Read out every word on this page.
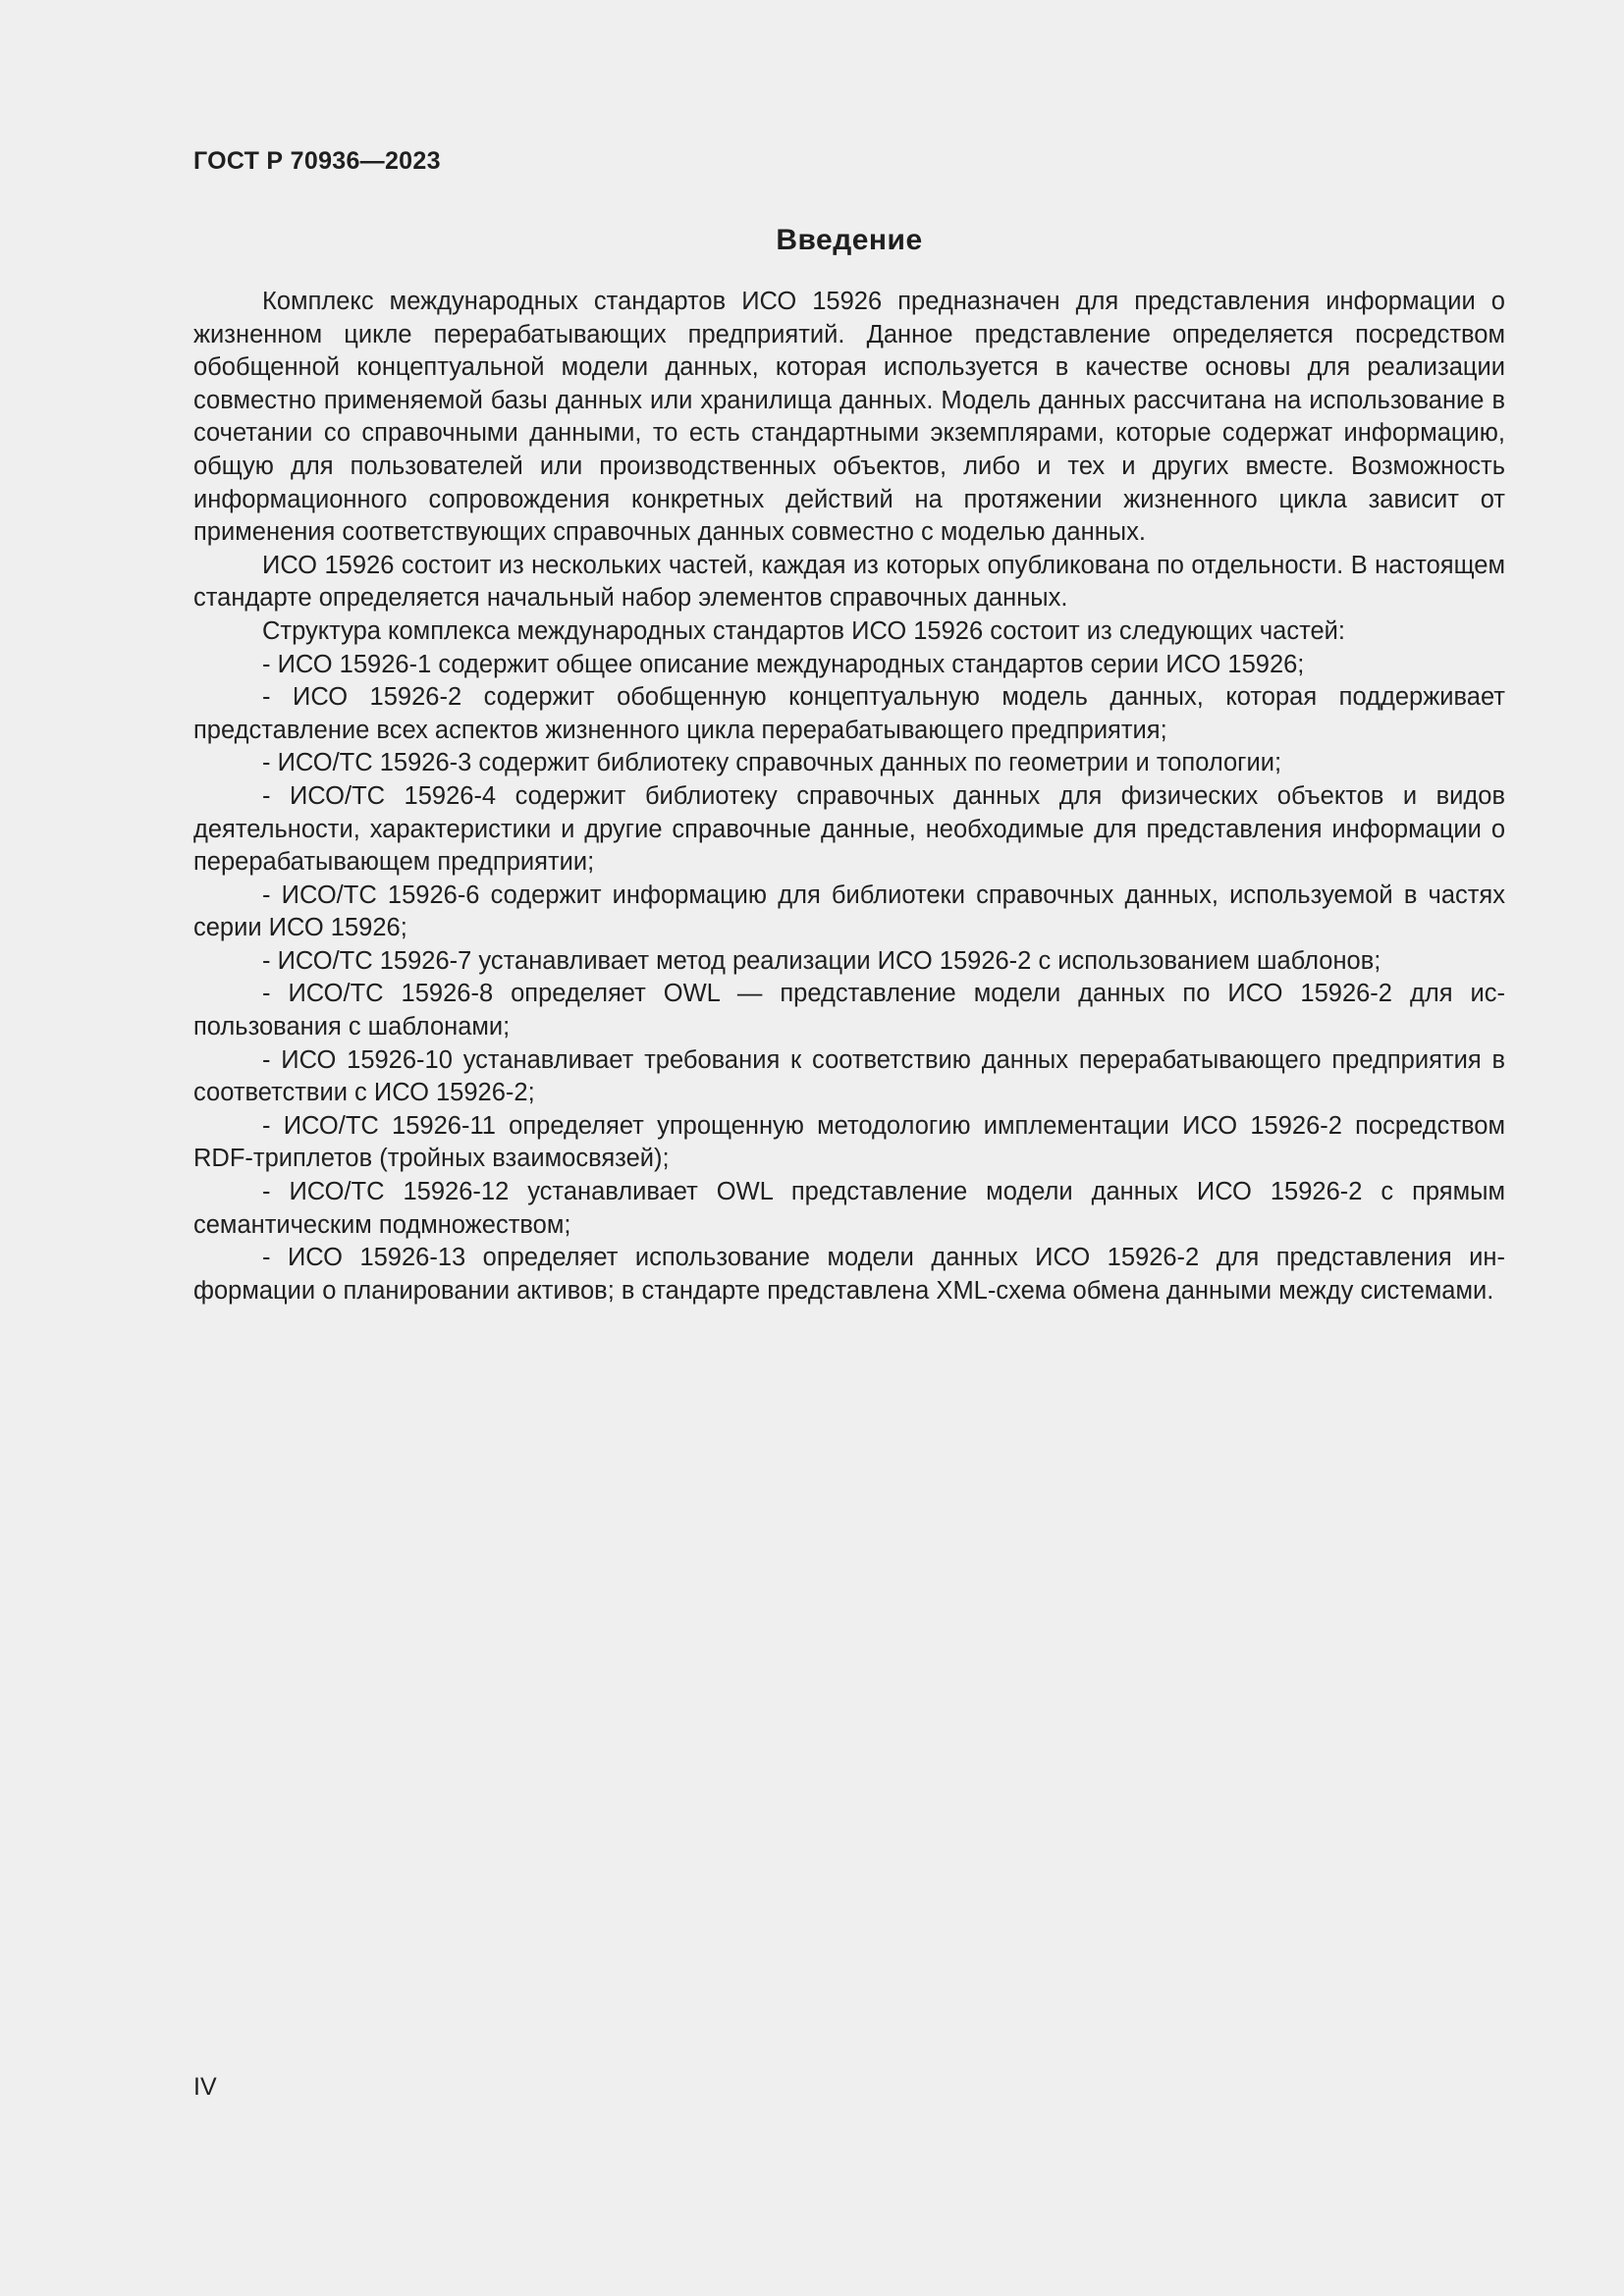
ГОСТ Р 70936—2023
Введение

Комплекс международных стандартов ИСО 15926 предназначен для представления информации о жизненном цикле перерабатывающих предприятий. Данное представление определяется посредством обобщенной концептуальной модели данных, которая используется в качестве основы для реализации совместно применяемой базы данных или хранилища данных. Модель данных рассчитана на использование в сочетании со справочными данными, то есть стандартными экземплярами, которые содержат информацию, общую для пользователей или производственных объектов, либо и тех и других вместе. Возможность информационного сопровождения конкретных действий на протяжении жизненного цикла зависит от применения соответствующих справочных данных совместно с моделью данных.

ИСО 15926 состоит из нескольких частей, каждая из которых опубликована по отдельности. В настоящем стандарте определяется начальный набор элементов справочных данных.

Структура комплекса международных стандартов ИСО 15926 состоит из следующих частей:

- ИСО 15926-1 содержит общее описание международных стандартов серии ИСО 15926;

- ИСО 15926-2 содержит обобщенную концептуальную модель данных, которая поддерживает представление всех аспектов жизненного цикла перерабатывающего предприятия;

- ИСО/ТС 15926-3 содержит библиотеку справочных данных по геометрии и топологии;

- ИСО/ТС 15926-4 содержит библиотеку справочных данных для физических объектов и видов деятельности, характеристики и другие справочные данные, необходимые для представления информации о перерабатывающем предприятии;

- ИСО/ТС 15926-6 содержит информацию для библиотеки справочных данных, используемой в частях серии ИСО 15926;

- ИСО/ТС 15926-7 устанавливает метод реализации ИСО 15926-2 с использованием шаблонов;

- ИСО/ТС 15926-8 определяет OWL — представление модели данных по ИСО 15926-2 для использования с шаблонами;

- ИСО 15926-10 устанавливает требования к соответствию данных перерабатывающего предприятия в соответствии с ИСО 15926-2;

- ИСО/ТС 15926-11 определяет упрощенную методологию имплементации ИСО 15926-2 посредством RDF-триплетов (тройных взаимосвязей);

- ИСО/ТС 15926-12 устанавливает OWL представление модели данных ИСО 15926-2 с прямым семантическим подмножеством;

- ИСО 15926-13 определяет использование модели данных ИСО 15926-2 для представления информации о планировании активов; в стандарте представлена XML-схема обмена данными между системами.

IV
